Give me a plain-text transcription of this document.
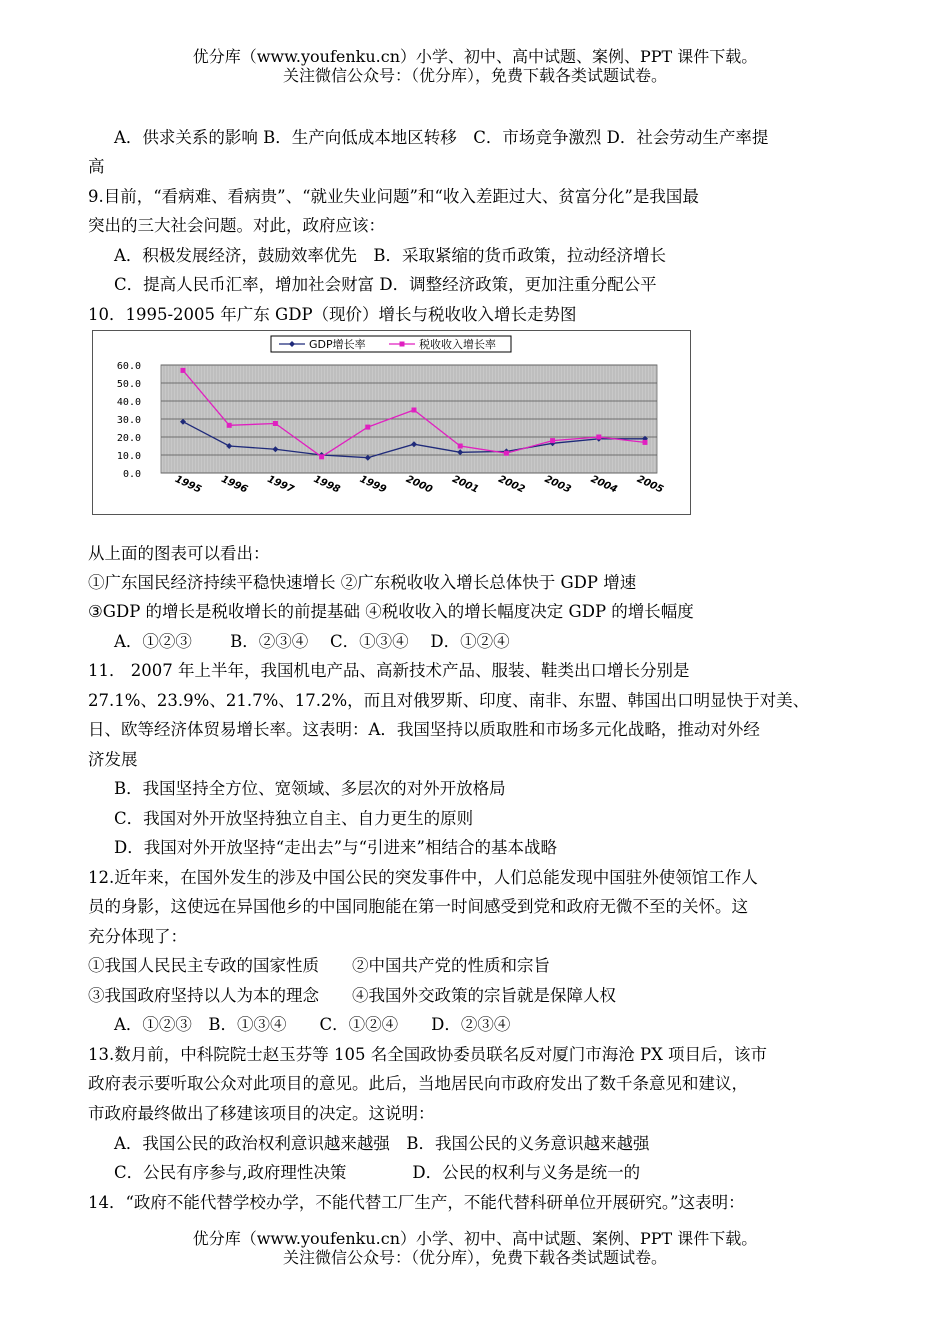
优分库（www.youfenku.cn）小学、初中、高中试题、案例、PPT 课件下载。
关注微信公众号：（优分库），免费下载各类试题试卷。
A．供求关系的影响 B．生产向低成本地区转移　C．市场竞争激烈 D．社会劳动生产率提
高
9.目前，“看病难、看病贵”、“就业失业问题”和“收入差距过大、贫富分化”是我国最
突出的三大社会问题。对此，政府应该：
A．积极发展经济，鼓励效率优先　B．采取紧缩的货币政策，拉动经济增长
C．提高人民币汇率，增加社会财富 D．调整经济政策，更加注重分配公平
10．1995-2005 年广东 GDP（现价）增长与税收收入增长走势图
60.0
50.0
40.0
30.0
20.0
10.0
0.0	1995 1996 1997 1998 1999 2000 2001 2002 2003 2004 2005
GDP增长率	税收收入增长率
从上面的图表可以看出：
①广东国民经济持续平稳快速增长 ②广东税收收入增长总体快于 GDP 增速
③GDP 的增长是税收增长的前提基础 ④税收收入的增长幅度决定 GDP 的增长幅度
A．①②③　　 B．②③④　 C．①③④　 D．①②④
11． 2007 年上半年，我国机电产品、高新技术产品、服装、鞋类出口增长分别是
27.1%、23.9%、21.7%、17.2%，而且对俄罗斯、印度、南非、东盟、韩国出口明显快于对美、
日、欧等经济体贸易增长率。这表明：A．我国坚持以质取胜和市场多元化战略，推动对外经
济发展
B．我国坚持全方位、宽领域、多层次的对外开放格局
C．我国对外开放坚持独立自主、自力更生的原则
D．我国对外开放坚持“走出去”与“引进来”相结合的基本战略
12.近年来，在国外发生的涉及中国公民的突发事件中，人们总能发现中国驻外使领馆工作人
员的身影，这使远在异国他乡的中国同胞能在第一时间感受到党和政府无微不至的关怀。这
充分体现了：
①我国人民民主专政的国家性质　　②中国共产党的性质和宗旨
③我国政府坚持以人为本的理念　　④我国外交政策的宗旨就是保障人权
A．①②③　B．①③④　　C．①②④　　D．②③④
13.数月前，中科院院士赵玉芬等 105 名全国政协委员联名反对厦门市海沧 PX 项目后，该市
政府表示要听取公众对此项目的意见。此后，当地居民向市政府发出了数千条意见和建议，
市政府最终做出了移建该项目的决定。这说明：
A．我国公民的政治权利意识越来越强　B．我国公民的义务意识越来越强
C．公民有序参与,政府理性决策　　　　D．公民的权利与义务是统一的
14．“政府不能代替学校办学，不能代替工厂生产，不能代替科研单位开展研究。”这表明：
优分库（www.youfenku.cn）小学、初中、高中试题、案例、PPT 课件下载。
关注微信公众号：（优分库），免费下载各类试题试卷。
